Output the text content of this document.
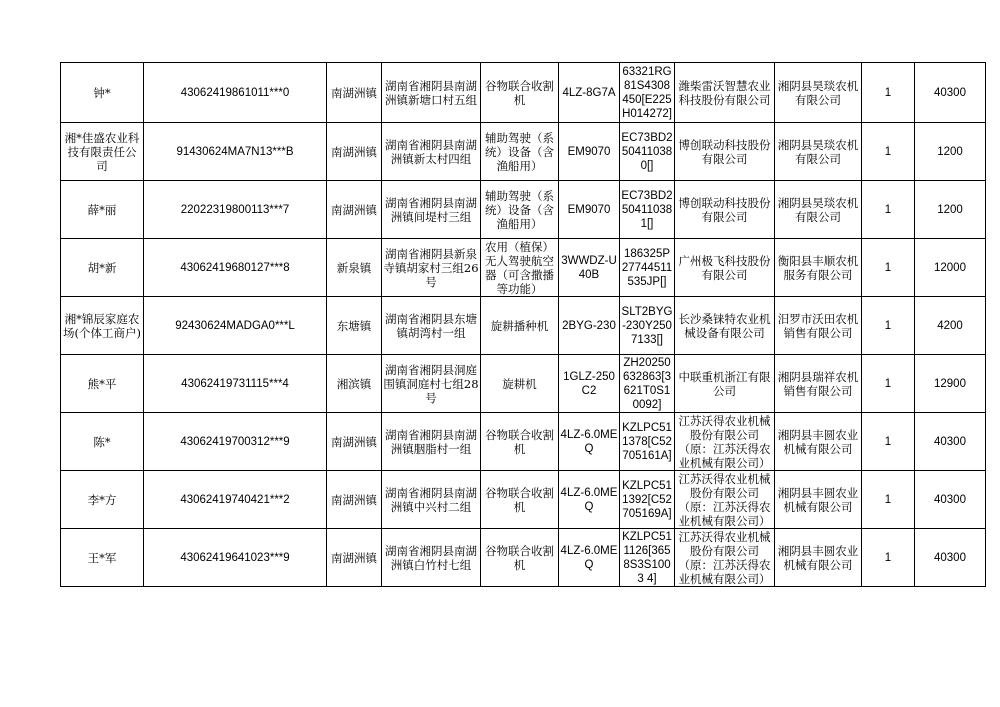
钟*	43062419861011***0	南湖洲镇	湖南省湘阴县南湖洲镇新塘口村五组	谷物联合收割机	4LZ-8G7A	63321RG81S4308450[E225H014272]	潍柴雷沃智慧农业科技股份有限公司	湘阴县昊琰农机有限公司	1	40300
湘*佳盛农业科技有限责任公司	91430624MA7N13***B	南湖洲镇	湖南省湘阴县南湖洲镇新太村四组	辅助驾驶（系统）设备（含渔船用）	EM9070	EC73BD2504110380[]	博创联动科技股份有限公司	湘阴县昊琰农机有限公司	1	1200
薛*丽	22022319800113***7	南湖洲镇	湖南省湘阴县南湖洲镇间堤村三组	辅助驾驶（系统）设备（含渔船用）	EM9070	EC73BD2504110381[]	博创联动科技股份有限公司	湘阴县昊琰农机有限公司	1	1200
胡*新	43062419680127***8	新泉镇	湖南省湘阴县新泉寺镇胡家村三组26号	农用（植保）无人驾驶航空器（可含撒播等功能）	3WWDZ-U40B	186325P27744511535JP[]	广州极飞科技股份有限公司	衡阳县丰顺农机服务有限公司	1	12000
湘*锦辰家庭农场(个体工商户)	92430624MADGA0***L	东塘镇	湖南省湘阴县东塘镇胡湾村一组	旋耕播种机	2BYG-230	SLT2BYG-230Y2507133[]	长沙桑铼特农业机械设备有限公司	汨罗市沃田农机销售有限公司	1	4200
熊*平	43062419731115***4	湘滨镇	湖南省湘阴县洞庭围镇洞庭村七组28号	旋耕机	1GLZ-250C2	ZH20250632863[3621T0S10092]	中联重机浙江有限公司	湘阴县瑞祥农机销售有限公司	1	12900
陈*	43062419700312***9	南湖洲镇	湖南省湘阴县南湖洲镇胭脂村一组	谷物联合收割机	4LZ-6.0MEQ	KZLPC511378[C52705161A]	江苏沃得农业机械股份有限公司（原：江苏沃得农业机械有限公司）	湘阴县丰圆农业机械有限公司	1	40300
李*方	43062419740421***2	南湖洲镇	湖南省湘阴县南湖洲镇中兴村二组	谷物联合收割机	4LZ-6.0MEQ	KZLPC511392[C52705169A]	江苏沃得农业机械股份有限公司（原：江苏沃得农业机械有限公司）	湘阴县丰圆农业机械有限公司	1	40300
王*军	43062419641023***9	南湖洲镇	湖南省湘阴县南湖洲镇白竹村七组	谷物联合收割机	4LZ-6.0MEQ	KZLPC511126[3658S3S1003 4]	江苏沃得农业机械股份有限公司（原：江苏沃得农业机械有限公司）	湘阴县丰圆农业机械有限公司	1	40300
